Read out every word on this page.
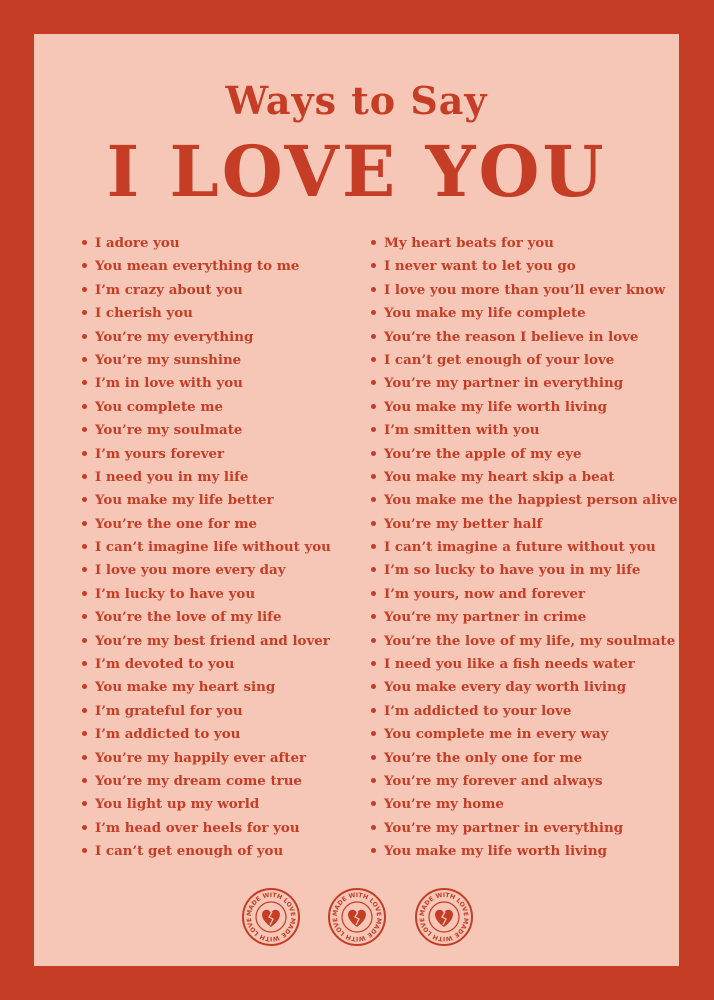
Ways to Say
I LOVE YOU
I adore you
You mean everything to me
I’m crazy about you
I cherish you
You’re my everything
You’re my sunshine
I’m in love with you
You complete me
You’re my soulmate
I’m yours forever
I need you in my life
You make my life better
You’re the one for me
I can’t imagine life without you
I love you more every day
I’m lucky to have you
You’re the love of my life
You’re my best friend and lover
I’m devoted to you
You make my heart sing
I’m grateful for you
I’m addicted to you
You’re my happily ever after
You’re my dream come true
You light up my world
I’m head over heels for you
I can’t get enough of you
My heart beats for you
I never want to let you go
I love you more than you’ll ever know
You make my life complete
You’re the reason I believe in love
I can’t get enough of your love
You’re my partner in everything
You make my life worth living
I’m smitten with you
You’re the apple of my eye
You make my heart skip a beat
You make me the happiest person alive
You’re my better half
I can’t imagine a future without you
I’m so lucky to have you in my life
I’m yours, now and forever
You’re my partner in crime
You’re the love of my life, my soulmate
I need you like a fish needs water
You make every day worth living
I’m addicted to your love
You complete me in every way
You’re the only one for me
You’re my forever and always
You’re my home
You’re my partner in everything
You make my life worth living
MADE WITH LOVE
MADE WITH LOVE
MADE WITH LOVE
MADE WITH LOVE
MADE WITH LOVE
MADE WITH LOVE
